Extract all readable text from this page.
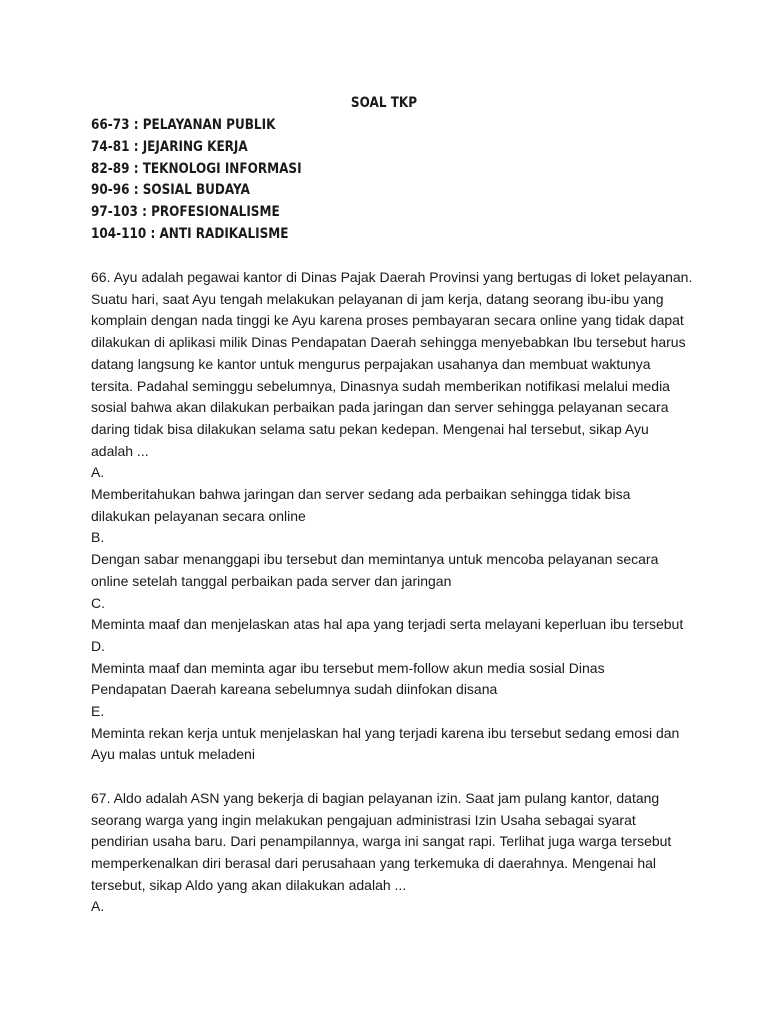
SOAL TKP
66-73 : PELAYANAN PUBLIK
74-81 : JEJARING KERJA
82-89 : TEKNOLOGI INFORMASI
90-96 : SOSIAL BUDAYA
97-103 : PROFESIONALISME
104-110 : ANTI RADIKALISME
66. Ayu adalah pegawai kantor di Dinas Pajak Daerah Provinsi yang bertugas di loket pelayanan.
Suatu hari, saat Ayu tengah melakukan pelayanan di jam kerja, datang seorang ibu-ibu yang
komplain dengan nada tinggi ke Ayu karena proses pembayaran secara online yang tidak dapat
dilakukan di aplikasi milik Dinas Pendapatan Daerah sehingga menyebabkan Ibu tersebut harus
datang langsung ke kantor untuk mengurus perpajakan usahanya dan membuat waktunya
tersita. Padahal seminggu sebelumnya, Dinasnya sudah memberikan notifikasi melalui media
sosial bahwa akan dilakukan perbaikan pada jaringan dan server sehingga pelayanan secara
daring tidak bisa dilakukan selama satu pekan kedepan. Mengenai hal tersebut, sikap Ayu
adalah ...
A.
Memberitahukan bahwa jaringan dan server sedang ada perbaikan sehingga tidak bisa
dilakukan pelayanan secara online
B.
Dengan sabar menanggapi ibu tersebut dan memintanya untuk mencoba pelayanan secara
online setelah tanggal perbaikan pada server dan jaringan
C.
Meminta maaf dan menjelaskan atas hal apa yang terjadi serta melayani keperluan ibu tersebut
D.
Meminta maaf dan meminta agar ibu tersebut mem-follow akun media sosial Dinas
Pendapatan Daerah kareana sebelumnya sudah diinfokan disana
E.
Meminta rekan kerja untuk menjelaskan hal yang terjadi karena ibu tersebut sedang emosi dan
Ayu malas untuk meladeni
67. Aldo adalah ASN yang bekerja di bagian pelayanan izin. Saat jam pulang kantor, datang
seorang warga yang ingin melakukan pengajuan administrasi Izin Usaha sebagai syarat
pendirian usaha baru. Dari penampilannya, warga ini sangat rapi. Terlihat juga warga tersebut
memperkenalkan diri berasal dari perusahaan yang terkemuka di daerahnya. Mengenai hal
tersebut, sikap Aldo yang akan dilakukan adalah ...
A.
